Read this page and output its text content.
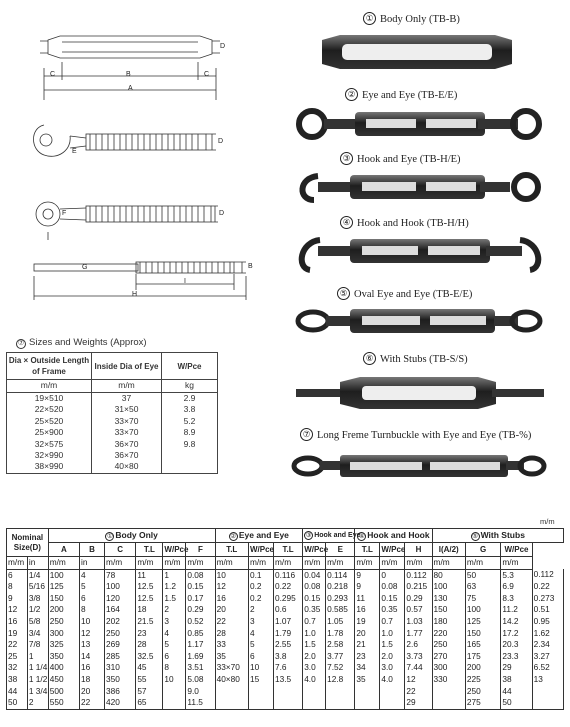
C	B	C
A
D
E
D
F	D
G	B
I
H
① Body Only (TB-B)
② Eye and Eye (TB-E/E)
③ Hook and Eye (TB-H/E)
④ Hook and Hook (TB-H/H)
⑤ Oval Eye and Eye (TB-E/E)
⑥ With Stubs (TB-S/S)
⑦ Long Freme Turnbuckle with Eye and Eye (TB-%)
⑦ Sizes and Weights (Approx)
Dia × Outside Length of Frame	Inside Dia of Eye	W/Pce
m/m	m/m	kg
19×510	37	2.9
22×520	31×50	3.8
25×520	33×70	5.2
25×900	33×70	8.9
32×575	36×70	9.8
32×990	36×70	
38×990	40×80	
m/m
Nominal Size(D)		① Body Only						② Eye and Eye			③ Hook and Eye		④ Hook and Hook			⑤ With Stubs			
		A	B	C	T.L	W/Pce	F	T.L	W/Pce	T.L	W/Pce	E	T.L	W/Pce	H	I(A/2)	G	W/Pce	
m/m	in	m/m	in	m/m	m/m	m/m	m/m	m/m	m/m	m/m	m/m	m/m	m/m	m/m	m/m	m/m	m/m	m/m	
6	1/4	100	4	78	11	1	0.08	10	0.1	0.116	0.04	0.114	9	0	0.112	80	50	5.3	0.112
8	5/16	125	5	100	12.5	1.2	0.15	12	0.2	0.22	0.08	0.218	9	0.08	0.215	100	63	6.9	0.22
9	3/8	150	6	120	12.5	1.5	0.17	16	0.2	0.295	0.15	0.293	11	0.15	0.29	130	75	8.3	0.273
12	1/2	200	8	164	18	2	0.29	20	2	0.6	0.35	0.585	16	0.35	0.57	150	100	11.2	0.51
16	5/8	250	10	202	21.5	3	0.52	22	3	1.07	0.7	1.05	19	0.7	1.03	180	125	14.2	0.95
19	3/4	300	12	250	23	4	0.85	28	4	1.79	1.0	1.78	20	1.0	1.77	220	150	17.2	1.62
22	7/8	325	13	269	28	5	1.17	33	5	2.55	1.5	2.58	21	1.5	2.6	250	165	20.3	2.34
25	1	350	14	285	32.5	6	1.69	35	6	3.8	2.0	3.77	23	2.0	3.73	270	175	23.3	3.27
32	1 1/4	400	16	310	45	8	3.51	33×70	10	7.6	3.0	7.52	34	3.0	7.44	300	200	29	6.52
38	1 1/2	450	18	350	55	10	5.08	40×80	15	13.5	4.0	12.8	35	4.0	12	330	225	38	13
44	1 3/4	500	20	386	57		9.0								22		250	44	
50	2	550	22	420	65		11.5								29		275	50	
